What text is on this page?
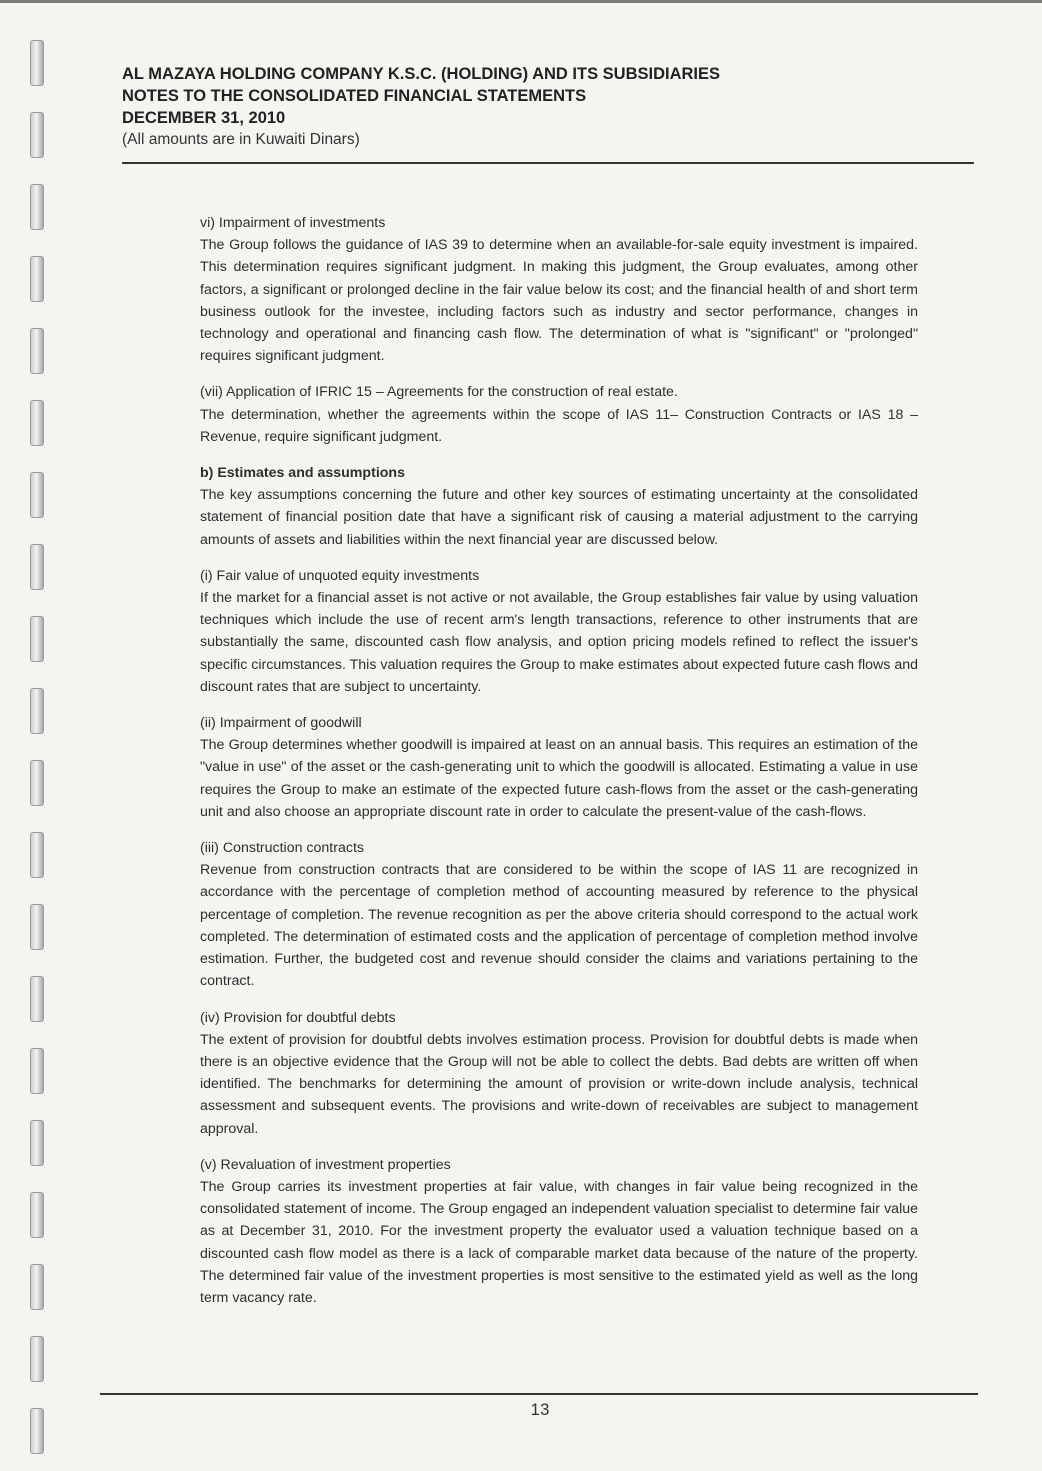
AL MAZAYA HOLDING COMPANY K.S.C. (HOLDING) AND ITS SUBSIDIARIES
NOTES TO THE CONSOLIDATED FINANCIAL STATEMENTS
DECEMBER 31, 2010
(All amounts are in Kuwaiti Dinars)
vi) Impairment of investments

The Group follows the guidance of IAS 39 to determine when an available-for-sale equity investment is impaired. This determination requires significant judgment. In making this judgment, the Group evaluates, among other factors, a significant or prolonged decline in the fair value below its cost; and the financial health of and short term business outlook for the investee, including factors such as industry and sector performance, changes in technology and operational and financing cash flow. The determination of what is "significant" or "prolonged" requires significant judgment.

(vii) Application of IFRIC 15 – Agreements for the construction of real estate.

The determination, whether the agreements within the scope of IAS 11– Construction Contracts or IAS 18 – Revenue, require significant judgment.

b) Estimates and assumptions

The key assumptions concerning the future and other key sources of estimating uncertainty at the consolidated statement of financial position date that have a significant risk of causing a material adjustment to the carrying amounts of assets and liabilities within the next financial year are discussed below.

(i) Fair value of unquoted equity investments

If the market for a financial asset is not active or not available, the Group establishes fair value by using valuation techniques which include the use of recent arm's length transactions, reference to other instruments that are substantially the same, discounted cash flow analysis, and option pricing models refined to reflect the issuer's specific circumstances. This valuation requires the Group to make estimates about expected future cash flows and discount rates that are subject to uncertainty.

(ii) Impairment of goodwill

The Group determines whether goodwill is impaired at least on an annual basis. This requires an estimation of the "value in use" of the asset or the cash-generating unit to which the goodwill is allocated. Estimating a value in use requires the Group to make an estimate of the expected future cash-flows from the asset or the cash-generating unit and also choose an appropriate discount rate in order to calculate the present-value of the cash-flows.

(iii) Construction contracts

Revenue from construction contracts that are considered to be within the scope of IAS 11 are recognized in accordance with the percentage of completion method of accounting measured by reference to the physical percentage of completion. The revenue recognition as per the above criteria should correspond to the actual work completed. The determination of estimated costs and the application of percentage of completion method involve estimation. Further, the budgeted cost and revenue should consider the claims and variations pertaining to the contract.

(iv) Provision for doubtful debts

The extent of provision for doubtful debts involves estimation process. Provision for doubtful debts is made when there is an objective evidence that the Group will not be able to collect the debts. Bad debts are written off when identified. The benchmarks for determining the amount of provision or write-down include analysis, technical assessment and subsequent events. The provisions and write-down of receivables are subject to management approval.

(v) Revaluation of investment properties

The Group carries its investment properties at fair value, with changes in fair value being recognized in the consolidated statement of income. The Group engaged an independent valuation specialist to determine fair value as at December 31, 2010. For the investment property the evaluator used a valuation technique based on a discounted cash flow model as there is a lack of comparable market data because of the nature of the property. The determined fair value of the investment properties is most sensitive to the estimated yield as well as the long term vacancy rate.

13
